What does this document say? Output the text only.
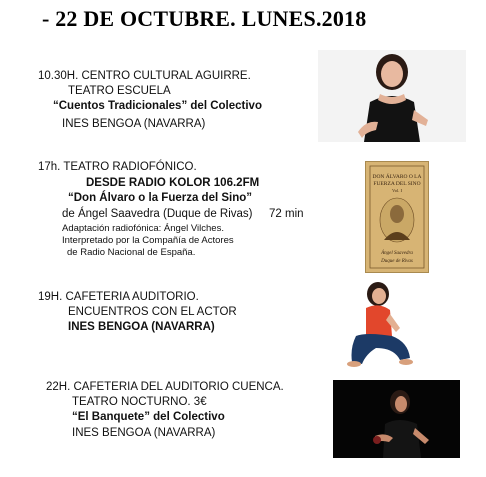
- 22 DE OCTUBRE. LUNES.2018
10.30H. CENTRO CULTURAL AGUIRRE.
TEATRO ESCUELA
“Cuentos Tradicionales” del Colectivo
INES BENGOA (NAVARRA)
17h. TEATRO RADIOFÓNICO.
DESDE RADIO KOLOR 106.2FM
“Don Álvaro o la Fuerza del Sino”
de Ángel Saavedra (Duque de Rivas) 72 min
Adaptación radiofónica: Ángel Vilches.
Interpretado por la Compañía de Actores
de Radio Nacional de España.
DON ÁLVARO O LA
FUERZA DEL SINO
Vol. I
Ángel Saavedra
Duque de Rivas
19H. CAFETERIA AUDITORIO.
ENCUENTROS CON EL ACTOR
INES BENGOA (NAVARRA)
22H. CAFETERIA DEL AUDITORIO CUENCA.
TEATRO NOCTURNO. 3€
“El Banquete” del Colectivo
INES BENGOA (NAVARRA)
